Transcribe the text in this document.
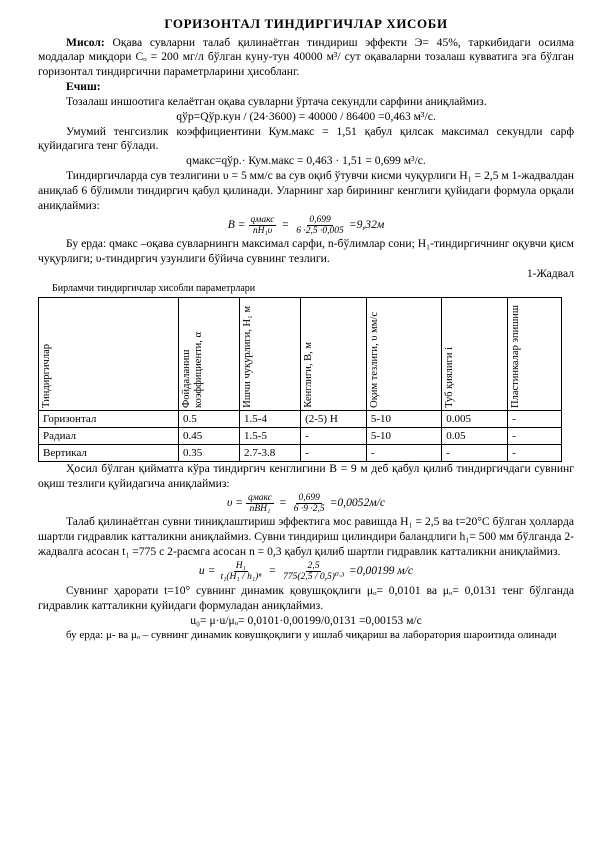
ГОРИЗОНТАЛ ТИНДИРГИЧЛАР ХИСОБИ

Мисол: Оқава сувларни талаб қилинаётган тиндириш эффекти Э= 45%, таркибидаги осилма моддалар миқдори Сₒ = 200 мг/л бўлган куну-тун 40000 м³/ сут оқаваларни тозалаш кувватига эга бўлган горизонтал тиндиргични параметрларини ҳисобланг.

Ечиш:

Тозалаш иншоотига келаётган оқава сувларни ўртача секундли сарфини аниқлаймиз.

qўр=Qўр.кун / (24·3600) = 40000 / 86400 =0,463 м³/с.

Умумий тенгсизлик коэффициентини Кум.макс = 1,51 қабул қилсак максимал секундли сарф қуйидагига тенг бўлади.

qмакс=qўр.· Кум.макс = 0,463 · 1,51 = 0,699 м³/с.

Тиндиргичларда сув тезлигини υ = 5 мм/с ва сув оқиб ўтувчи кисми чуқурлиги Н₁ = 2,5 м 1-жадвалдан аниқлаб 6 бўлимли тиндиргич қабул қилинади. Уларнинг хар бирининг кенглиги қуйидаги формула орқали аниқлаймиз:

$B = \frac{\text{qмакс}}{\text{nH₁υ}} = \frac{0,699}{6 \cdot 2,5 \cdot 0,005} =9,32м$

Бу ерда: qмакс –оқава сувларнингн максимал сарфи, n-бўлимлар сони; Н₁-тиндиргичнинг оқувчи қисм чуқурлиги; υ-тиндиргич узунлиги бўйича сувнинг тезлиги.

1-Жадвал

Бирламчи тиндиргичлар хисобли параметрлари

Тиндиргичлар	Фойдаланиш коэффициенти, α	Ишчи чуқурлиги, Н₁ м	Кенглиги, В, м	Оқим тезлиги, υ мм/с	Туб қиялиги i	Пластинкалар эпишиш

Горизонтал	0.5	1.5-4	(2-5) H	5-10	0.005	-
Радиал	0.45	1.5-5	-	5-10	0.05	-
Вертикал	0.35	2.7-3.8	-	-	-	-

Ҳосил бўлган қийматга кўра тиндиргич кенглигини В = 9 м деб қабул қилиб тиндиргичдаги сувнинг оқиш тезлиги қуйидагича аниқлаймиз:

$\upsilon = \frac{\text{qмакс}}{\text{nBH₁}} = \frac{0,699}{6 \cdot 9 \cdot 2,5} =0,0052м/с$

Талаб қилинаётган сувни тиниқлаштириш эффектига мос равишда Н₁ = 2,5 ва t=20°С бўлган ҳолларда шартли гидравлик катталикни аниқлаймиз. Сувни тиндириш цилиндири баландлиги h₁= 500 мм бўлганда 2-жадвалга асосан t₁ =775 с 2-расмга асосан n = 0,3 қабул қилиб шартли гидравлик катталикни аниқлаймиз.

$u = \frac{\text{H₁}}{\text{t₁(H₁ / h₁)ⁿ}} = \frac{2,5}{\text{775(2,5 / 0,5)⁰·³}} =0,00199$ м/с

Сувнинг ҳарорати t=10° сувнинг динамик қовушқоқлиги μₒ= 0,0101 ва μₒ= 0,0131 тенг бўлганда гидравлик катталикни қуйидаги формуладан аниқлаймиз.

u₀= μ·u/μₒ= 0,0101·0,00199/0,0131 =0,00153 м/с

бу ерда: μ- ва μₒ – сувнинг динамик ковушқоқлиги у ишлаб чиқариш ва лаборатория шароитида олинади
